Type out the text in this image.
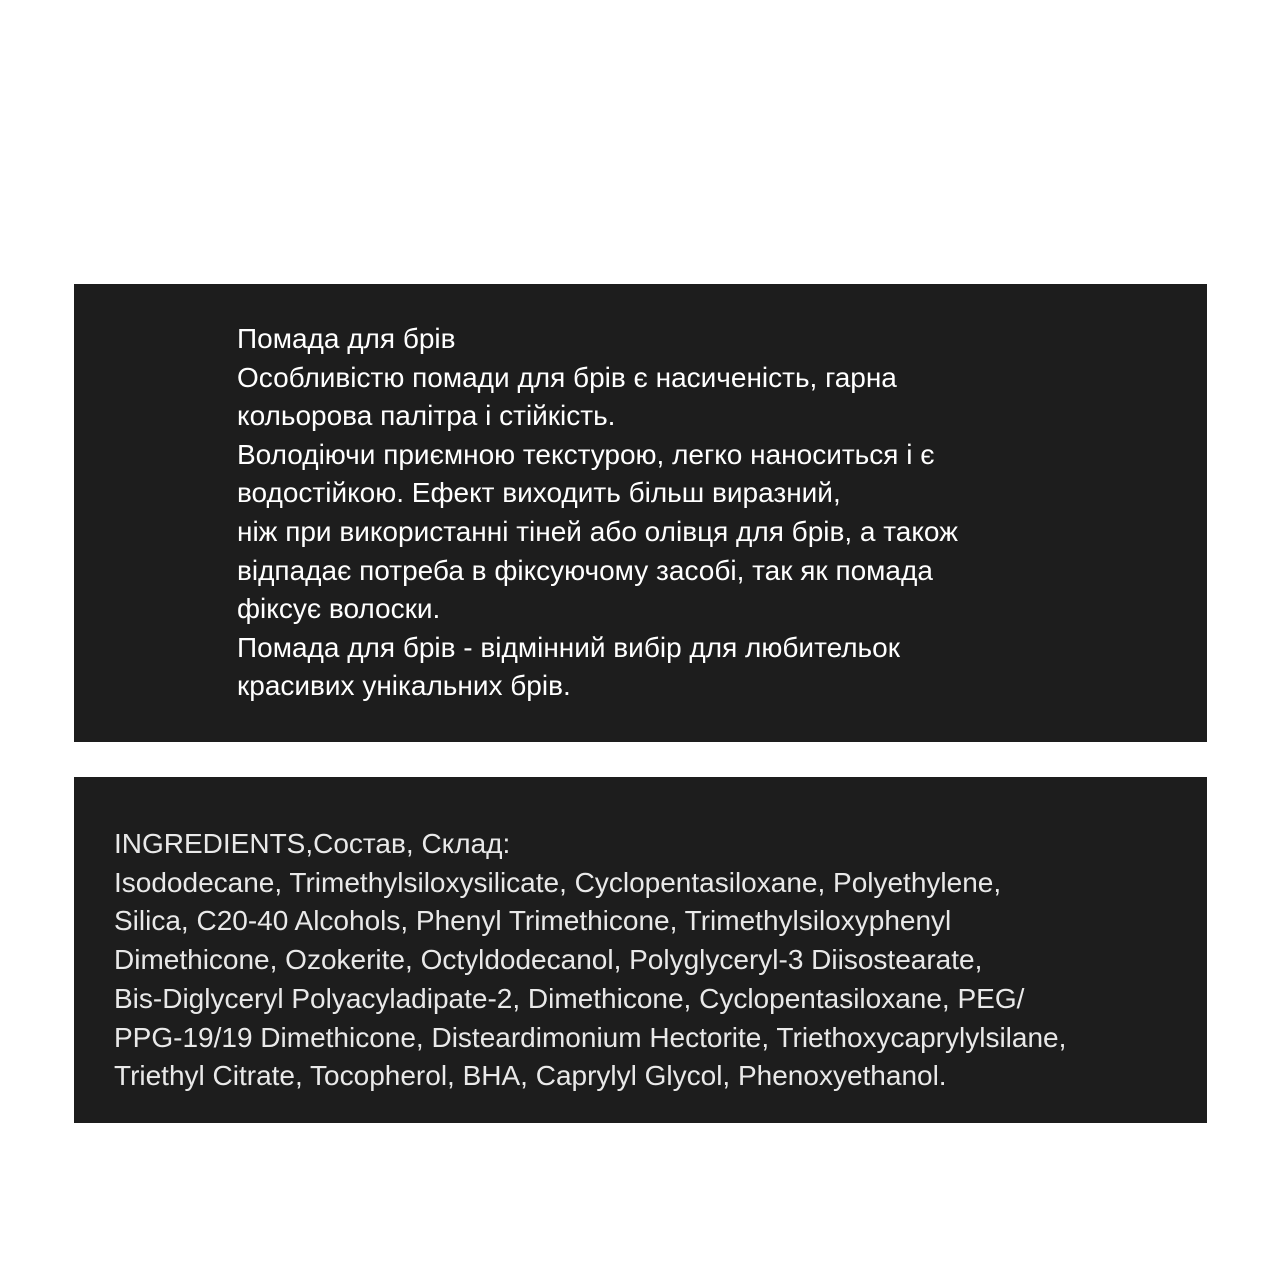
Помада для брів
Особливістю помади для брів є насиченість, гарна
кольорова палітра і стійкість.
Володіючи приємною текстурою, легко наноситься і є
водостійкою. Ефект виходить більш виразний,
ніж при використанні тіней або олівця для брів, а також
відпадає потреба в фіксуючому засобі, так як помада
фіксує волоски.
Помада для брів - відмінний вибір для любительок
красивих унікальних брів.
INGREDIENTS,Состав, Склад:
Isododecane, Trimethylsiloxysilicate, Cyclopentasiloxane, Polyethylene,
Silica, C20-40 Alcohols, Phenyl Trimethicone, Trimethylsiloxyphenyl
Dimethicone, Ozokerite, Octyldodecanol, Polyglyceryl-3 Diisostearate,
Bis-Diglyceryl Polyacyladipate-2, Dimethicone, Cyclopentasiloxane, PEG/
PPG-19/19 Dimethicone, Disteardimonium Hectorite, Triethoxycaprylylsilane,
Triethyl Citrate, Tocopherol, BHA, Caprylyl Glycol, Phenoxyethanol.
